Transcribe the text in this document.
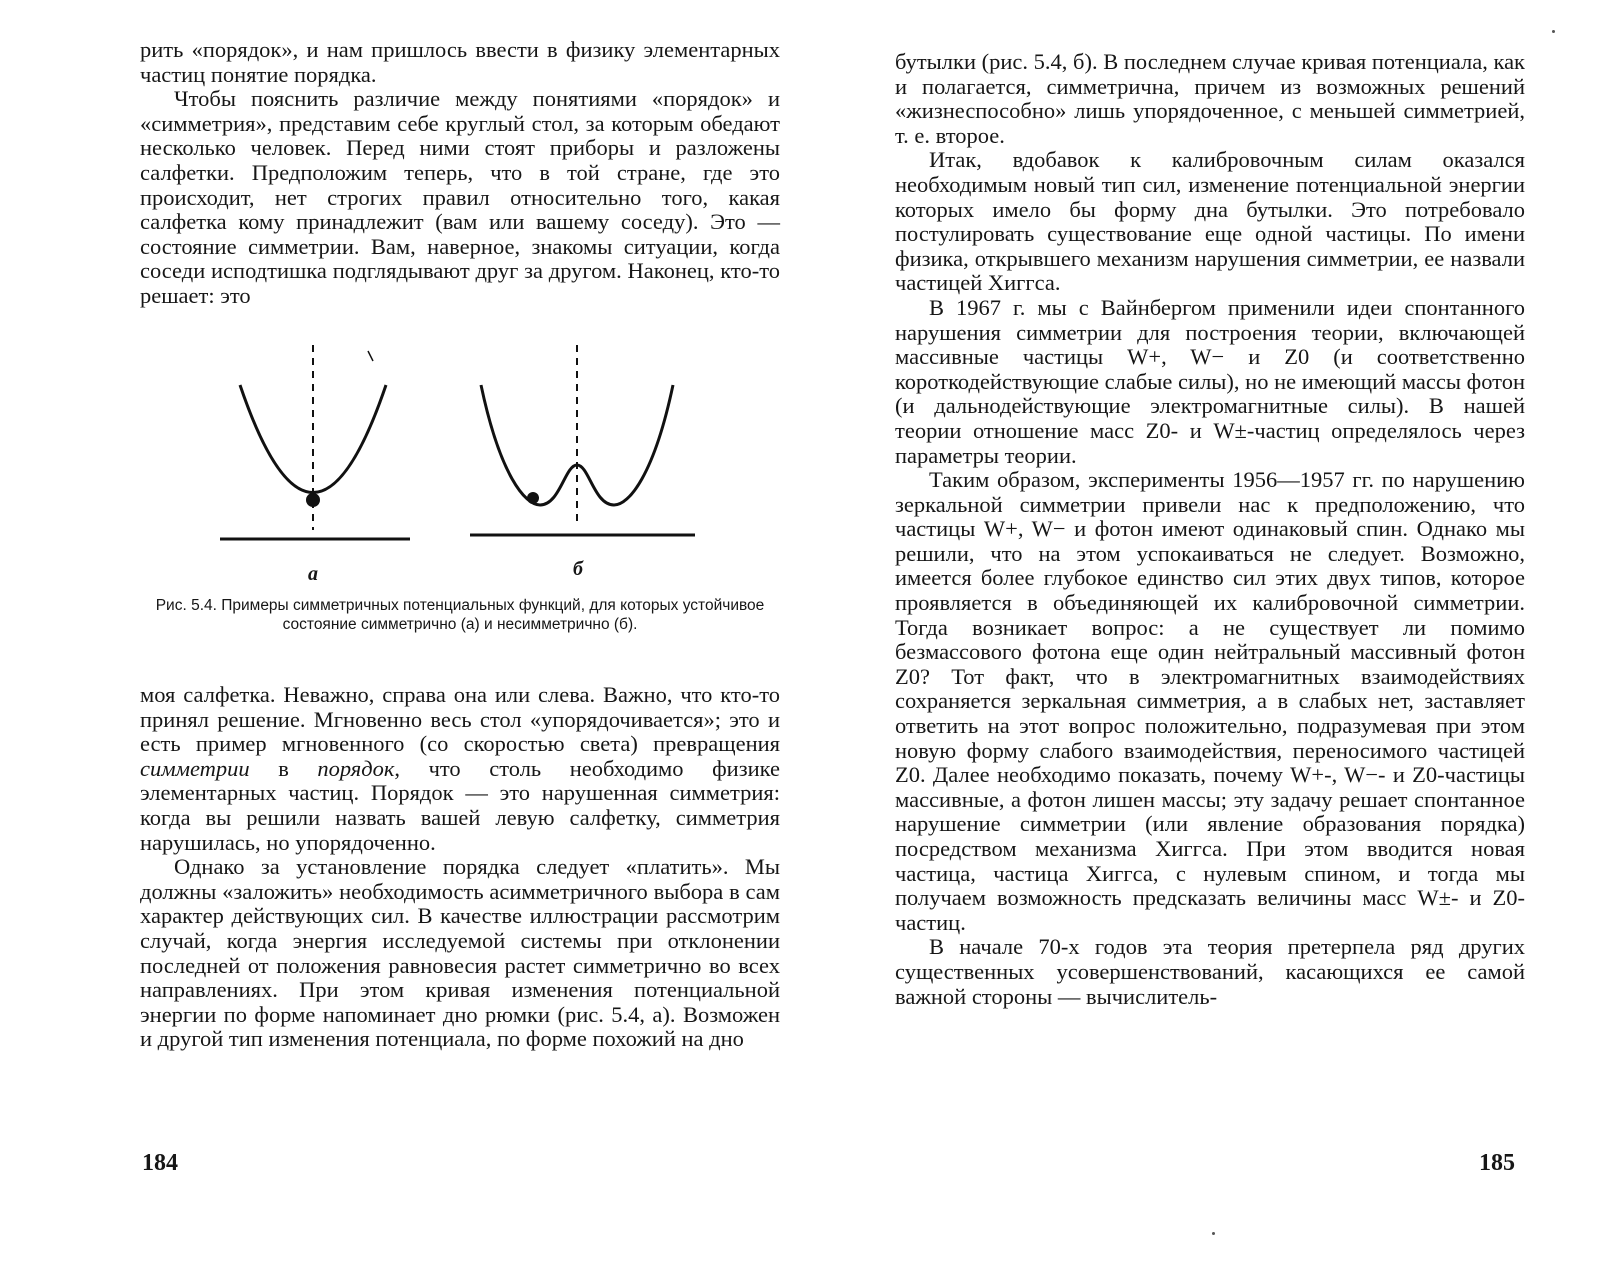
рить «порядок», и нам пришлось ввести в физику элементарных частиц понятие порядка.

Чтобы пояснить различие между понятиями «порядок» и «симметрия», представим себе круглый стол, за которым обедают несколько человек. Перед ними стоят приборы и разложены салфетки. Предположим теперь, что в той стране, где это происходит, нет строгих правил относительно того, какая салфетка кому принадлежит (вам или вашему соседу). Это — состояние симметрии. Вам, наверное, знакомы ситуации, когда соседи исподтишка подглядывают друг за другом. Наконец, кто-то решает: это

а	б
Рис. 5.4. Примеры симметричных потенциальных функций, для которых устойчивое состояние симметрично (а) и несимметрично (б).

моя салфетка. Неважно, справа она или слева. Важно, что кто-то принял решение. Мгновенно весь стол «упорядочивается»; это и есть пример мгновенного (со скоростью света) превращения симметрии в порядок, что столь необходимо физике элементарных частиц. Порядок — это нарушенная симметрия: когда вы решили назвать вашей левую салфетку, симметрия нарушилась, но упорядоченно.

Однако за установление порядка следует «платить». Мы должны «заложить» необходимость асимметричного выбора в сам характер действующих сил. В качестве иллюстрации рассмотрим случай, когда энергия исследуемой системы при отклонении последней от положения равновесия растет симметрично во всех направлениях. При этом кривая изменения потенциальной энергии по форме напоминает дно рюмки (рис. 5.4, а). Возможен и другой тип изменения потенциала, по форме похожий на дно

184

бутылки (рис. 5.4, б). В последнем случае кривая потенциала, как и полагается, симметрична, причем из возможных решений «жизнеспособно» лишь упорядоченное, с меньшей симметрией, т. е. второе.

Итак, вдобавок к калибровочным силам оказался необходимым новый тип сил, изменение потенциальной энергии которых имело бы форму дна бутылки. Это потребовало постулировать существование еще одной частицы. По имени физика, открывшего механизм нарушения симметрии, ее назвали частицей Хиггса.

В 1967 г. мы с Вайнбергом применили идеи спонтанного нарушения симметрии для построения теории, включающей массивные частицы W+, W− и Z0 (и соответственно короткодействующие слабые силы), но не имеющий массы фотон (и дальнодействующие электромагнитные силы). В нашей теории отношение масс Z0- и W±-частиц определялось через параметры теории.

Таким образом, эксперименты 1956—1957 гг. по нарушению зеркальной симметрии привели нас к предположению, что частицы W+, W− и фотон имеют одинаковый спин. Однако мы решили, что на этом успокаиваться не следует. Возможно, имеется более глубокое единство сил этих двух типов, которое проявляется в объединяющей их калибровочной симметрии. Тогда возникает вопрос: а не существует ли помимо безмассового фотона еще один нейтральный массивный фотон Z0? Тот факт, что в электромагнитных взаимодействиях сохраняется зеркальная симметрия, а в слабых нет, заставляет ответить на этот вопрос положительно, подразумевая при этом новую форму слабого взаимодействия, переносимого частицей Z0. Далее необходимо показать, почему W+-, W−- и Z0-частицы массивные, а фотон лишен массы; эту задачу решает спонтанное нарушение симметрии (или явление образования порядка) посредством механизма Хиггса. При этом вводится новая частица, частица Хиггса, с нулевым спином, и тогда мы получаем возможность предсказать величины масс W±- и Z0-частиц.

В начале 70-х годов эта теория претерпела ряд других существенных усовершенствований, касающихся ее самой важной стороны — вычислитель-

185
